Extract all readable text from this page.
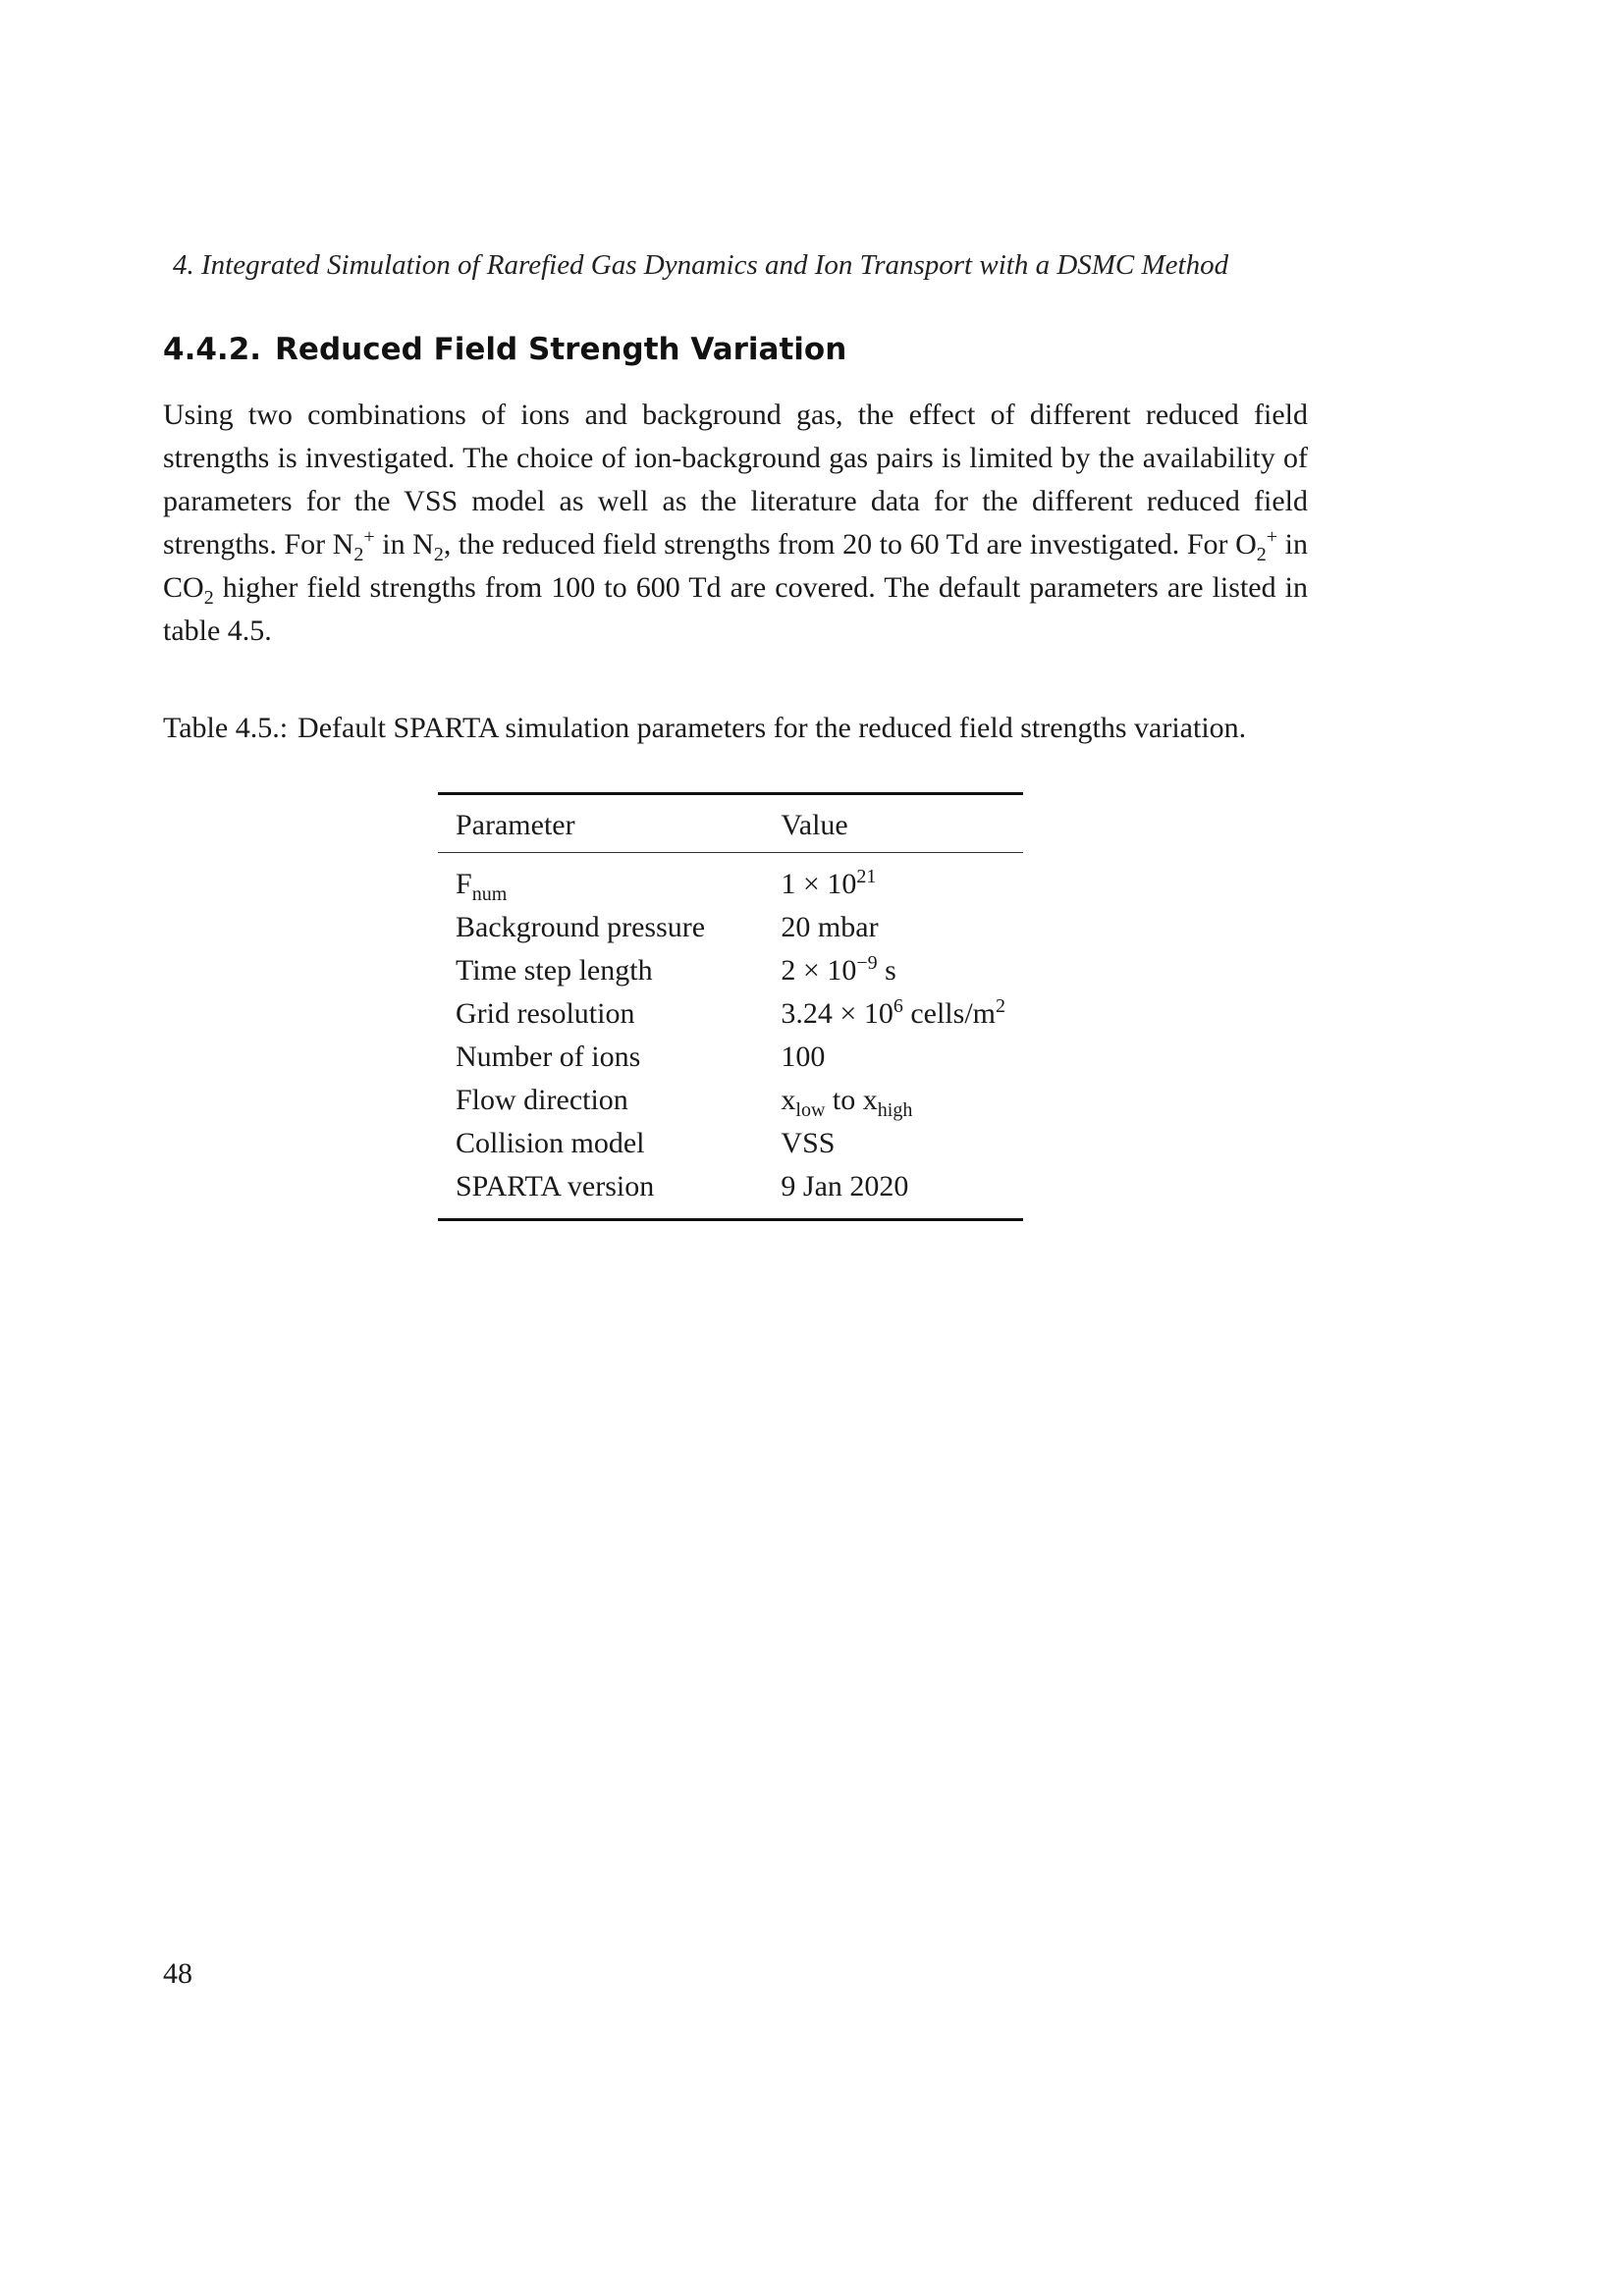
4. Integrated Simulation of Rarefied Gas Dynamics and Ion Transport with a DSMC Method
4.4.2. Reduced Field Strength Variation

Using two combinations of ions and background gas, the effect of different reduced field strengths is investigated. The choice of ion-background gas pairs is limited by the availability of parameters for the VSS model as well as the literature data for the different reduced field strengths. For $N_2^+$ in $N_2$, the reduced field strengths from 20 to 60 Td are investigated. For $O_2^+$ in $CO_2$ higher field strengths from 100 to 600 Td are covered. The default parameters are listed in table 4.5.

Table 4.5.: Default SPARTA simulation parameters for the reduced field strengths variation.
Parameter	Value
$F_{num}$	$1 \times 10^{21}$
Background pressure	20 mbar
Time step length	$2 \times 10^{-9}$ s
Grid resolution	$3.24 \times 10^6$ cells/$m^2$
Number of ions	100
Flow direction	$x_{low}$ to $x_{high}$
Collision model	VSS
SPARTA version	9 Jan 2020
48
